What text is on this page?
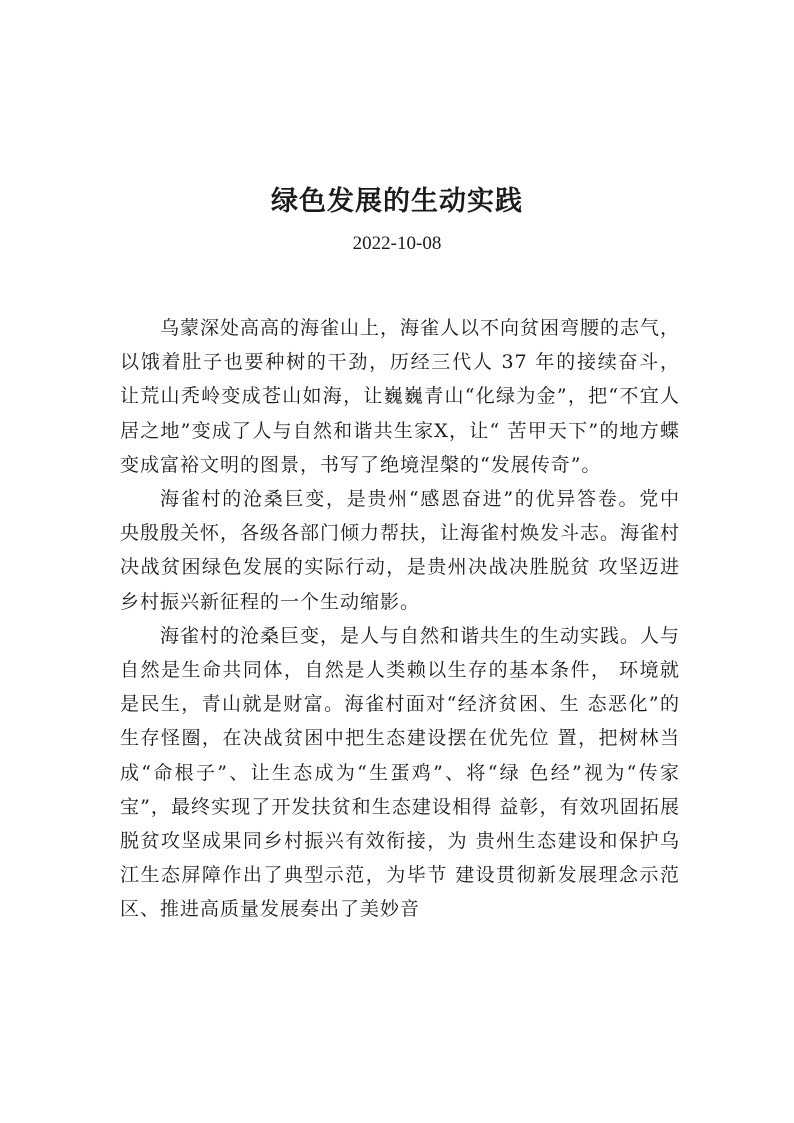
绿色发展的生动实践
2022-10-08

乌蒙深处高高的海雀山上，海雀人以不向贫困弯腰的志气，以饿着肚子也要种树的干劲，历经三代人 37 年的接续奋斗，让荒山秃岭变成苍山如海，让巍巍青山“化绿为金”，把“不宜人居之地”变成了人与自然和谐共生家X，让“ 苦甲天下”的地方蝶变成富裕文明的图景，书写了绝境涅槃的“发展传奇”。

海雀村的沧桑巨变，是贵州“感恩奋进”的优异答卷。党中央殷殷关怀，各级各部门倾力帮扶，让海雀村焕发斗志。海雀村决战贫困绿色发展的实际行动，是贵州决战决胜脱贫 攻坚迈进乡村振兴新征程的一个生动缩影。

海雀村的沧桑巨变，是人与自然和谐共生的生动实践。人与自然是生命共同体，自然是人类赖以生存的基本条件， 环境就是民生，青山就是财富。海雀村面对“经济贫困、生 态恶化”的生存怪圈，在决战贫困中把生态建设摆在优先位 置，把树林当成“命根子”、让生态成为“生蛋鸡”、将“绿 色经”视为“传家宝”，最终实现了开发扶贫和生态建设相得 益彰，有效巩固拓展脱贫攻坚成果同乡村振兴有效衔接，为 贵州生态建设和保护乌江生态屏障作出了典型示范，为毕节 建设贯彻新发展理念示范区、推进高质量发展奏出了美妙音
